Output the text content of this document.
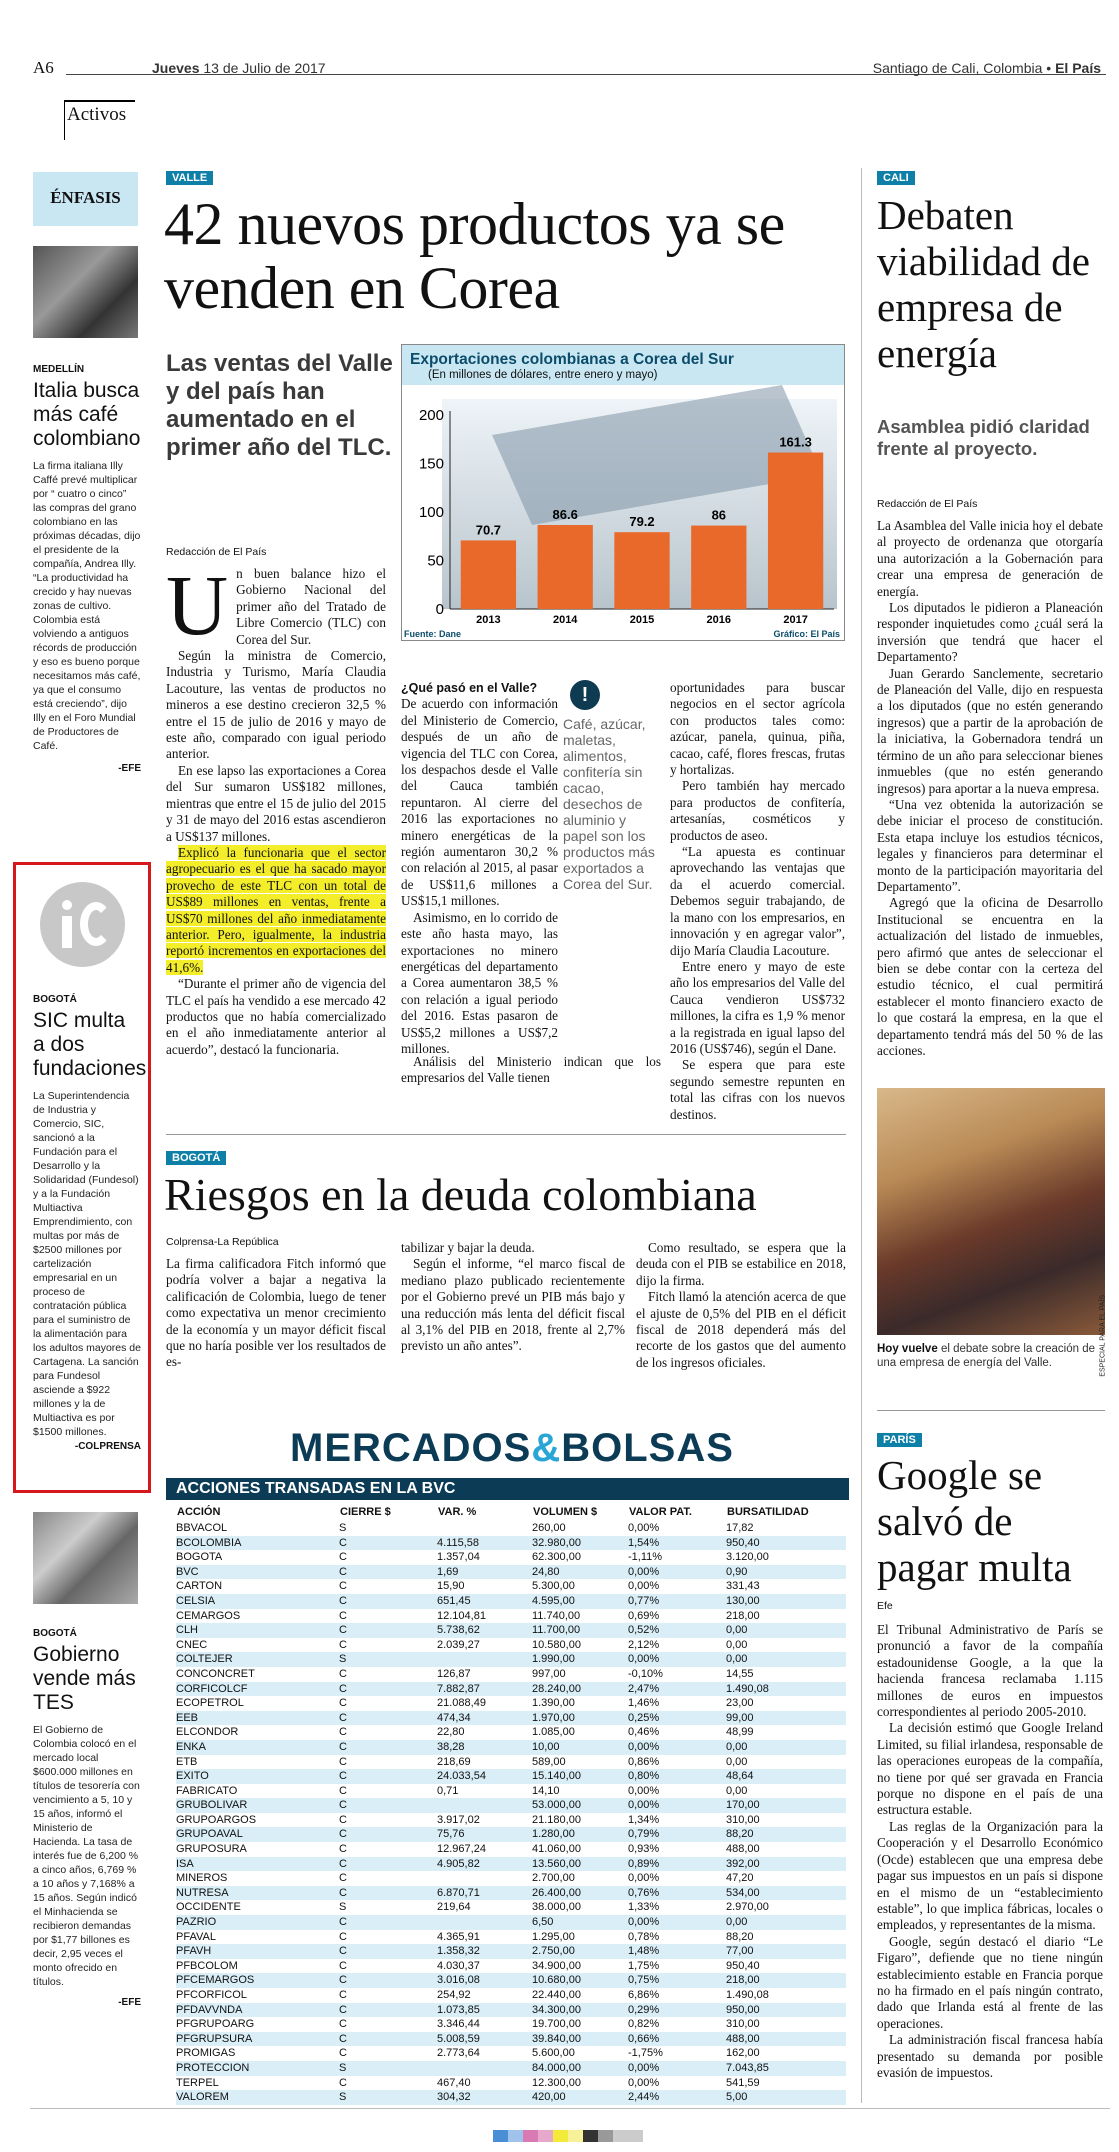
A6
Activos
Jueves 13 de Julio de 2017	Santiago de Cali, Colombia • El País
ÉNFASIS
MEDELLÍN
Italia busca más café colombiano
La firma italiana Illy Caffé prevé multiplicar por “ cuatro o cinco” las compras del grano colombiano en las próximas décadas, dijo el presidente de la compañía, Andrea Illy. “La productividad ha crecido y hay nuevas zonas de cultivo. Colombia está volviendo a antiguos récords de producción y eso es bueno porque necesitamos más café, ya que el consumo está creciendo”, dijo Illy en el Foro Mundial de Productores de Café.
-EFE
BOGOTÁ
SIC multa a dos fundaciones
La Superintendencia de Industria y Comercio, SIC, sancionó a la Fundación para el Desarrollo y la Solidaridad (Fundesol) y a la Fundación Multiactiva Emprendimiento, con multas por más de $2500 millones por cartelización empresarial en un proceso de contratación pública para el suministro de la alimentación para los adultos mayores de Cartagena. La sanción para Fundesol asciende a $922 millones y la de Multiactiva es por $1500 millones.
-COLPRENSA
BOGOTÁ
Gobierno vende más TES
El Gobierno de Colombia colocó en el mercado local $600.000 millones en títulos de tesorería con vencimiento a 5, 10 y 15 años, informó el Ministerio de Hacienda. La tasa de interés fue de 6,200 % a cinco años, 6,769 % a 10 años y 7,168% a 15 años. Según indicó el Minhacienda se recibieron demandas por $1,77 billones es decir, 2,95 veces el monto ofrecido en títulos.
-EFE
VALLE
42 nuevos productos ya se venden en Corea
Las ventas del Valle y del país han aumentado en el primer año del TLC.
Redacción de El País
0
50
100
150
200
70.7
2013
86.6
2014
79.2
2015
86
2016
161.3
2017
Exportaciones colombianas a Corea del Sur
(En millones de dólares, entre enero y mayo)
Fuente: Dane	Gráfico: El País
U n buen balance hizo el Gobierno Nacional del primer año del Tratado de Libre Comercio (TLC) con Corea del Sur.

Según la ministra de Comercio, Industria y Turismo, María Claudia Lacouture, las ventas de productos no mineros a ese destino crecieron 32,5 % entre el 15 de julio de 2016 y mayo de este año, comparado con igual periodo anterior.

En ese lapso las exportaciones a Corea del Sur sumaron US$182 millones, mientras que entre el 15 de julio del 2015 y 31 de mayo del 2016 estas ascendieron a US$137 millones.

Explicó la funcionaria que el sector agropecuario es el que ha sacado mayor provecho de este TLC con un total de US$89 millones en ventas, frente a US$70 millones del año inmediatamente anterior. Pero, igualmente, la industria reportó incrementos en exportaciones del 41,6%.

“Durante el primer año de vigencia del TLC el país ha vendido a ese mercado 42 productos que no había comercializado en el año inmediatamente anterior al acuerdo”, destacó la funcionaria.

¿Qué pasó en el Valle?

De acuerdo con información del Ministerio de Comercio, después de un año de vigencia del TLC con Corea, los despachos desde el Valle del Cauca también repuntaron. Al cierre del 2016 las exportaciones no minero energéticas de la región aumentaron 30,2 % con relación al 2015, al pasar de US$11,6 millones a US$15,1 millones.

Asimismo, en lo corrido de este año hasta mayo, las exportaciones no minero energéticas del departamento a Corea aumentaron 38,5 % con relación a igual periodo del 2016. Estas pasaron de US$5,2 millones a US$7,2 millones.

!
Café, azúcar, maletas, alimentos, confitería sin cacao, desechos de aluminio y papel son los productos más exportados a Corea del Sur.

oportunidades para buscar negocios en el sector agrícola con productos tales como: azúcar, panela, quinua, piña, cacao, café, flores frescas, frutas y hortalizas.

Pero también hay mercado para productos de confitería, artesanías, cosméticos y productos de aseo.

“La apuesta es continuar aprovechando las ventajas que da el acuerdo comercial. Debemos seguir trabajando, de la mano con los empresarios, en innovación y en agregar valor”, dijo María Claudia Lacouture.

Entre enero y mayo de este año los empresarios del Valle del Cauca vendieron US$732 millones, la cifra es 1,9 % menor a la registrada en igual lapso del 2016 (US$746), según el Dane.

Se espera que para este segundo semestre repunten en total las cifras con los nuevos destinos.

Análisis del Ministerio indican que los empresarios del Valle tienen

BOGOTÁ
Riesgos en la deuda colombiana
Colprensa-La República

La firma calificadora Fitch informó que podría volver a bajar a negativa la calificación de Colombia, luego de tener como expectativa un menor crecimiento de la economía y un mayor déficit fiscal que no haría posible ver los resultados de es-

tabilizar y bajar la deuda.

Según el informe, “el marco fiscal de mediano plazo publicado recientemente por el Gobierno prevé un PIB más bajo y una reducción más lenta del déficit fiscal al 3,1% del PIB en 2018, frente al 2,7% previsto un año antes”.

Como resultado, se espera que la deuda con el PIB se estabilice en 2018, dijo la firma.

Fitch llamó la atención acerca de que el ajuste de 0,5% del PIB en el déficit fiscal de 2018 dependerá más del recorte de los gastos que del aumento de los ingresos oficiales.

MERCADOS&BOLSAS
ACCIONES TRANSADAS EN LA BVC
ACCIÓN	CIERRE $	VAR. %	VOLUMEN $	VALOR PAT.	BURSATILIDAD
BBVACOL	S		260,00	0,00%	17,82
BCOLOMBIA	C	4.115,58	32.980,00	1,54%	950,40
BOGOTA	C	1.357,04	62.300,00	-1,11%	3.120,00
BVC	C	1,69	24,80	0,00%	0,90
CARTON	C	15,90	5.300,00	0,00%	331,43
CELSIA	C	651,45	4.595,00	0,77%	130,00
CEMARGOS	C	12.104,81	11.740,00	0,69%	218,00
CLH	C	5.738,62	11.700,00	0,52%	0,00
CNEC	C	2.039,27	10.580,00	2,12%	0,00
COLTEJER	S		1.990,00	0,00%	0,00
CONCONCRET	C	126,87	997,00	-0,10%	14,55
CORFICOLCF	C	7.882,87	28.240,00	2,47%	1.490,08
ECOPETROL	C	21.088,49	1.390,00	1,46%	23,00
EEB	C	474,34	1.970,00	0,25%	99,00
ELCONDOR	C	22,80	1.085,00	0,46%	48,99
ENKA	C	38,28	10,00	0,00%	0,00
ETB	C	218,69	589,00	0,86%	0,00
EXITO	C	24.033,54	15.140,00	0,80%	48,64
FABRICATO	C	0,71	14,10	0,00%	0,00
GRUBOLIVAR	C		53.000,00	0,00%	170,00
GRUPOARGOS	C	3.917,02	21.180,00	1,34%	310,00
GRUPOAVAL	C	75,76	1.280,00	0,79%	88,20
GRUPOSURA	C	12.967,24	41.060,00	0,93%	488,00
ISA	C	4.905,82	13.560,00	0,89%	392,00
MINEROS	C		2.700,00	0,00%	47,20
NUTRESA	C	6.870,71	26.400,00	0,76%	534,00
OCCIDENTE	S	219,64	38.000,00	1,33%	2.970,00
PAZRIO	C		6,50	0,00%	0,00
PFAVAL	C	4.365,91	1.295,00	0,78%	88,20
PFAVH	C	1.358,32	2.750,00	1,48%	77,00
PFBCOLOM	C	4.030,37	34.900,00	1,75%	950,40
PFCEMARGOS	C	3.016,08	10.680,00	0,75%	218,00
PFCORFICOL	C	254,92	22.440,00	6,86%	1.490,08
PFDAVVNDA	C	1.073,85	34.300,00	0,29%	950,00
PFGRUPOARG	C	3.346,44	19.700,00	0,82%	310,00
PFGRUPSURA	C	5.008,59	39.840,00	0,66%	488,00
PROMIGAS	C	2.773,64	5.600,00	-1,75%	162,00
PROTECCION	S		84.000,00	0,00%	7.043,85
TERPEL	C	467,40	12.300,00	0,00%	541,59
VALOREM	S	304,32	420,00	2,44%	5,00
CALI
Debaten viabilidad de empresa de energía
Asamblea pidió claridad frente al proyecto.
Redacción de El País

La Asamblea del Valle inicia hoy el debate al proyecto de ordenanza que otorgaría una autorización a la Gobernación para crear una empresa de generación de energía.

Los diputados le pidieron a Planeación responder inquietudes como ¿cuál será la inversión que tendrá que hacer el Departamento?

Juan Gerardo Sanclemente, secretario de Planeación del Valle, dijo en respuesta a los diputados (que no estén generando ingresos) que a partir de la aprobación de la iniciativa, la Gobernadora tendrá un término de un año para seleccionar bienes inmuebles (que no estén generando ingresos) para aportar a la nueva empresa.

“Una vez obtenida la autorización se debe iniciar el proceso de constitución. Esta etapa incluye los estudios técnicos, legales y financieros para determinar el monto de la participación mayoritaria del Departamento”.

Agregó que la oficina de Desarrollo Institucional se encuentra en la actualización del listado de inmuebles, pero afirmó que antes de seleccionar el bien se debe contar con la certeza del estudio técnico, el cual permitirá establecer el monto financiero exacto de lo que costará la empresa, en la que el departamento tendrá más del 50 % de las acciones.

ESPECIAL PARA EL PAÍS
Hoy vuelve el debate sobre la creación de una empresa de energía del Valle.
PARÍS
Google se salvó de pagar multa
Efe

El Tribunal Administrativo de París se pronunció a favor de la compañía estadounidense Google, a la que la hacienda francesa reclamaba 1.115 millones de euros en impuestos correspondientes al periodo 2005-2010.

La decisión estimó que Google Ireland Limited, su filial irlandesa, responsable de las operaciones europeas de la compañía, no tiene por qué ser gravada en Francia porque no dispone en el país de una estructura estable.

Las reglas de la Organización para la Cooperación y el Desarrollo Económico (Ocde) establecen que una empresa debe pagar sus impuestos en un país si dispone en el mismo de un “establecimiento estable”, lo que implica fábricas, locales o empleados, y representantes de la misma.

Google, según destacó el diario “Le Figaro”, defiende que no tiene ningún establecimiento estable en Francia porque no ha firmado en el país ningún contrato, dado que Irlanda está al frente de las operaciones.

La administración fiscal francesa había presentado su demanda por posible evasión de impuestos.
